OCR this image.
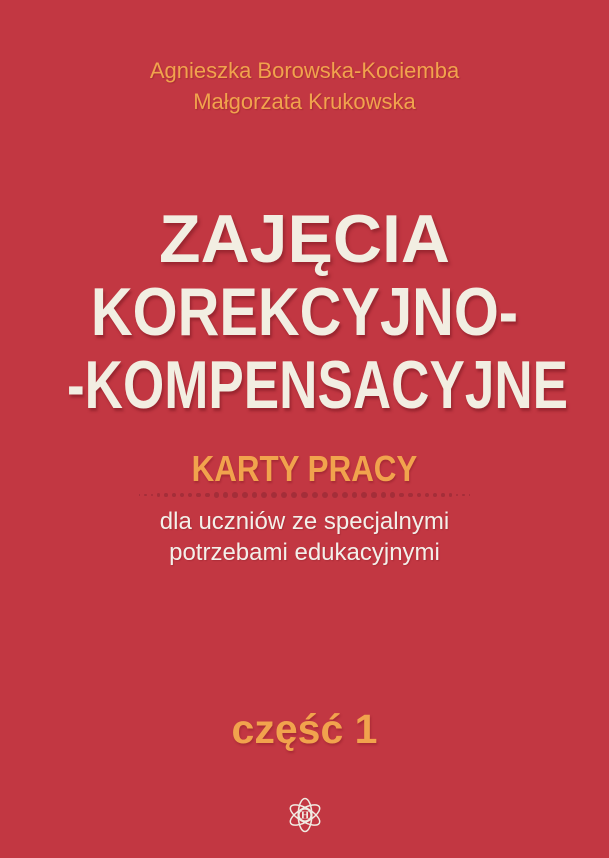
Agnieszka Borowska-Kociemba
Małgorzata Krukowska
ZAJĘCIA
KOREKCYJNO-
-KOMPENSACYJNE
KARTY PRACY
dla uczniów ze specjalnymi
potrzebami edukacyjnymi
część 1
H
